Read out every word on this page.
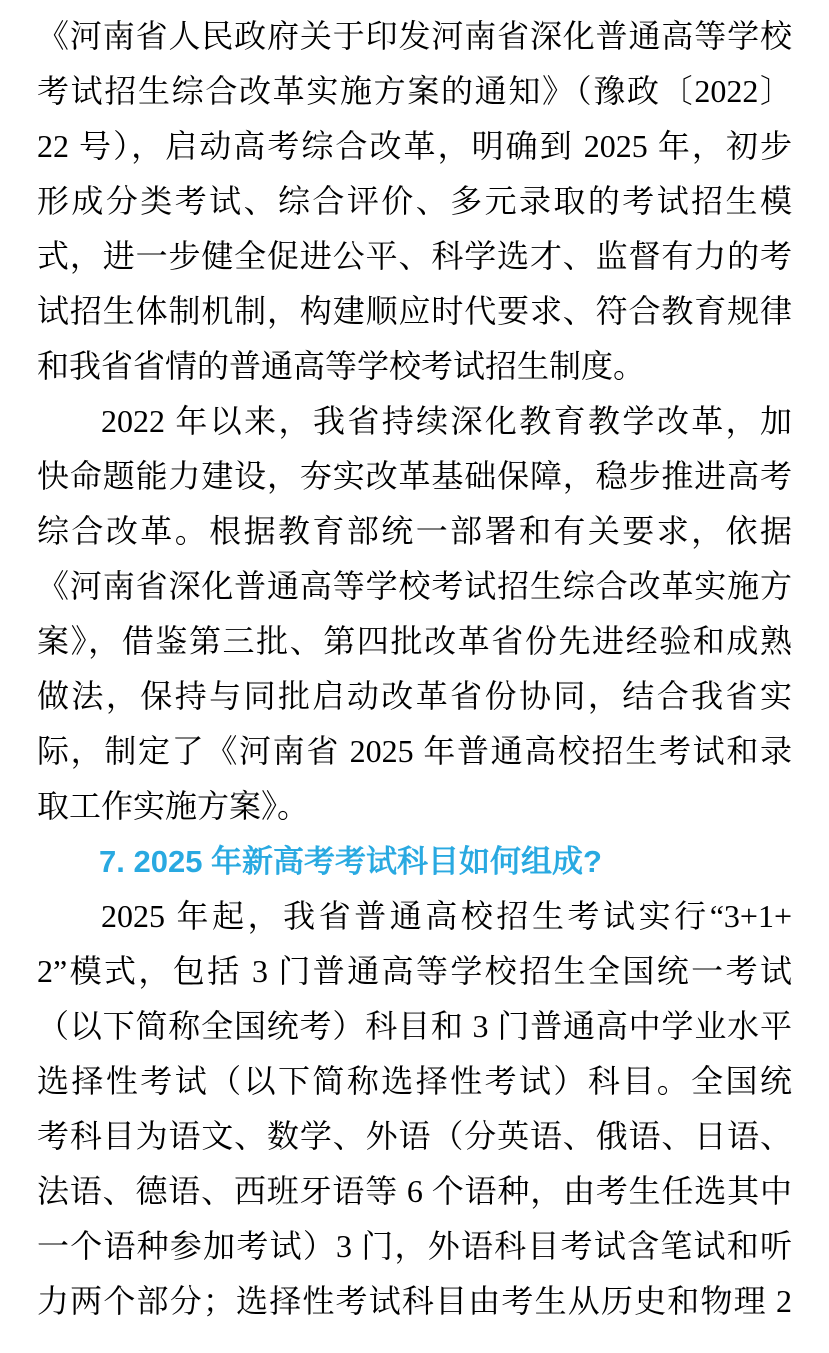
《河南省人民政府关于印发河南省深化普通高等学校
考试招生综合改革实施方案的通知》（豫政〔2022〕
22 号），启动高考综合改革，明确到 2025 年，初步
形成分类考试、综合评价、多元录取的考试招生模
式，进一步健全促进公平、科学选才、监督有力的考
试招生体制机制，构建顺应时代要求、符合教育规律
和我省省情的普通高等学校考试招生制度。
2022 年以来，我省持续深化教育教学改革，加
快命题能力建设，夯实改革基础保障，稳步推进高考
综合改革。根据教育部统一部署和有关要求，依据
《河南省深化普通高等学校考试招生综合改革实施方
案》，借鉴第三批、第四批改革省份先进经验和成熟
做法，保持与同批启动改革省份协同，结合我省实
际，制定了《河南省 2025 年普通高校招生考试和录
取工作实施方案》。
7. 2025 年新高考考试科目如何组成?
2025 年起，我省普通高校招生考试实行“3+1+
2”模式，包括 3 门普通高等学校招生全国统一考试
（以下简称全国统考）科目和 3 门普通高中学业水平
选择性考试（以下简称选择性考试）科目。全国统
考科目为语文、数学、外语（分英语、俄语、日语、
法语、德语、西班牙语等 6 个语种，由考生任选其中
一个语种参加考试）3 门，外语科目考试含笔试和听
力两个部分；选择性考试科目由考生从历史和物理 2
